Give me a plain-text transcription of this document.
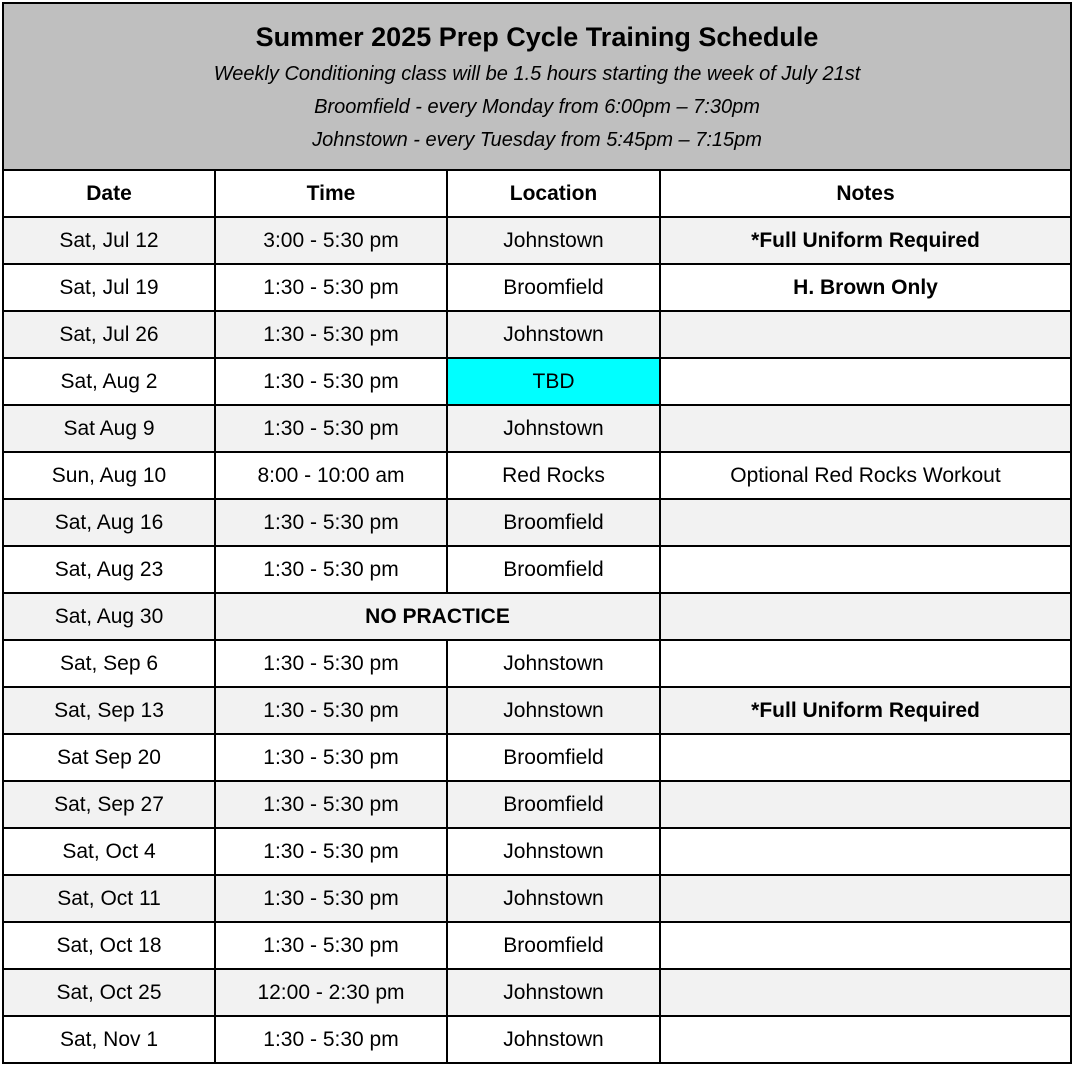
Summer 2025 Prep Cycle Training Schedule
Weekly Conditioning class will be 1.5 hours starting the week of July 21st
Broomfield - every Monday from 6:00pm – 7:30pm
Johnstown - every Tuesday from 5:45pm – 7:15pm			

Date	Time	Location	Notes
Sat, Jul 12	3:00 - 5:30 pm	Johnstown	*Full Uniform Required
Sat, Jul 19	1:30 - 5:30 pm	Broomfield	H. Brown Only
Sat, Jul 26	1:30 - 5:30 pm	Johnstown	
Sat, Aug 2	1:30 - 5:30 pm	TBD	
Sat Aug 9	1:30 - 5:30 pm	Johnstown	
Sun, Aug 10	8:00 - 10:00 am	Red Rocks	Optional Red Rocks Workout
Sat, Aug 16	1:30 - 5:30 pm	Broomfield	
Sat, Aug 23	1:30 - 5:30 pm	Broomfield	
Sat, Aug 30	NO PRACTICE		
Sat, Sep 6	1:30 - 5:30 pm	Johnstown	
Sat, Sep 13	1:30 - 5:30 pm	Johnstown	*Full Uniform Required
Sat Sep 20	1:30 - 5:30 pm	Broomfield	
Sat, Sep 27	1:30 - 5:30 pm	Broomfield	
Sat, Oct 4	1:30 - 5:30 pm	Johnstown	
Sat, Oct 11	1:30 - 5:30 pm	Johnstown	
Sat, Oct 18	1:30 - 5:30 pm	Broomfield	
Sat, Oct 25	12:00 - 2:30 pm	Johnstown	
Sat, Nov 1	1:30 - 5:30 pm	Johnstown	
